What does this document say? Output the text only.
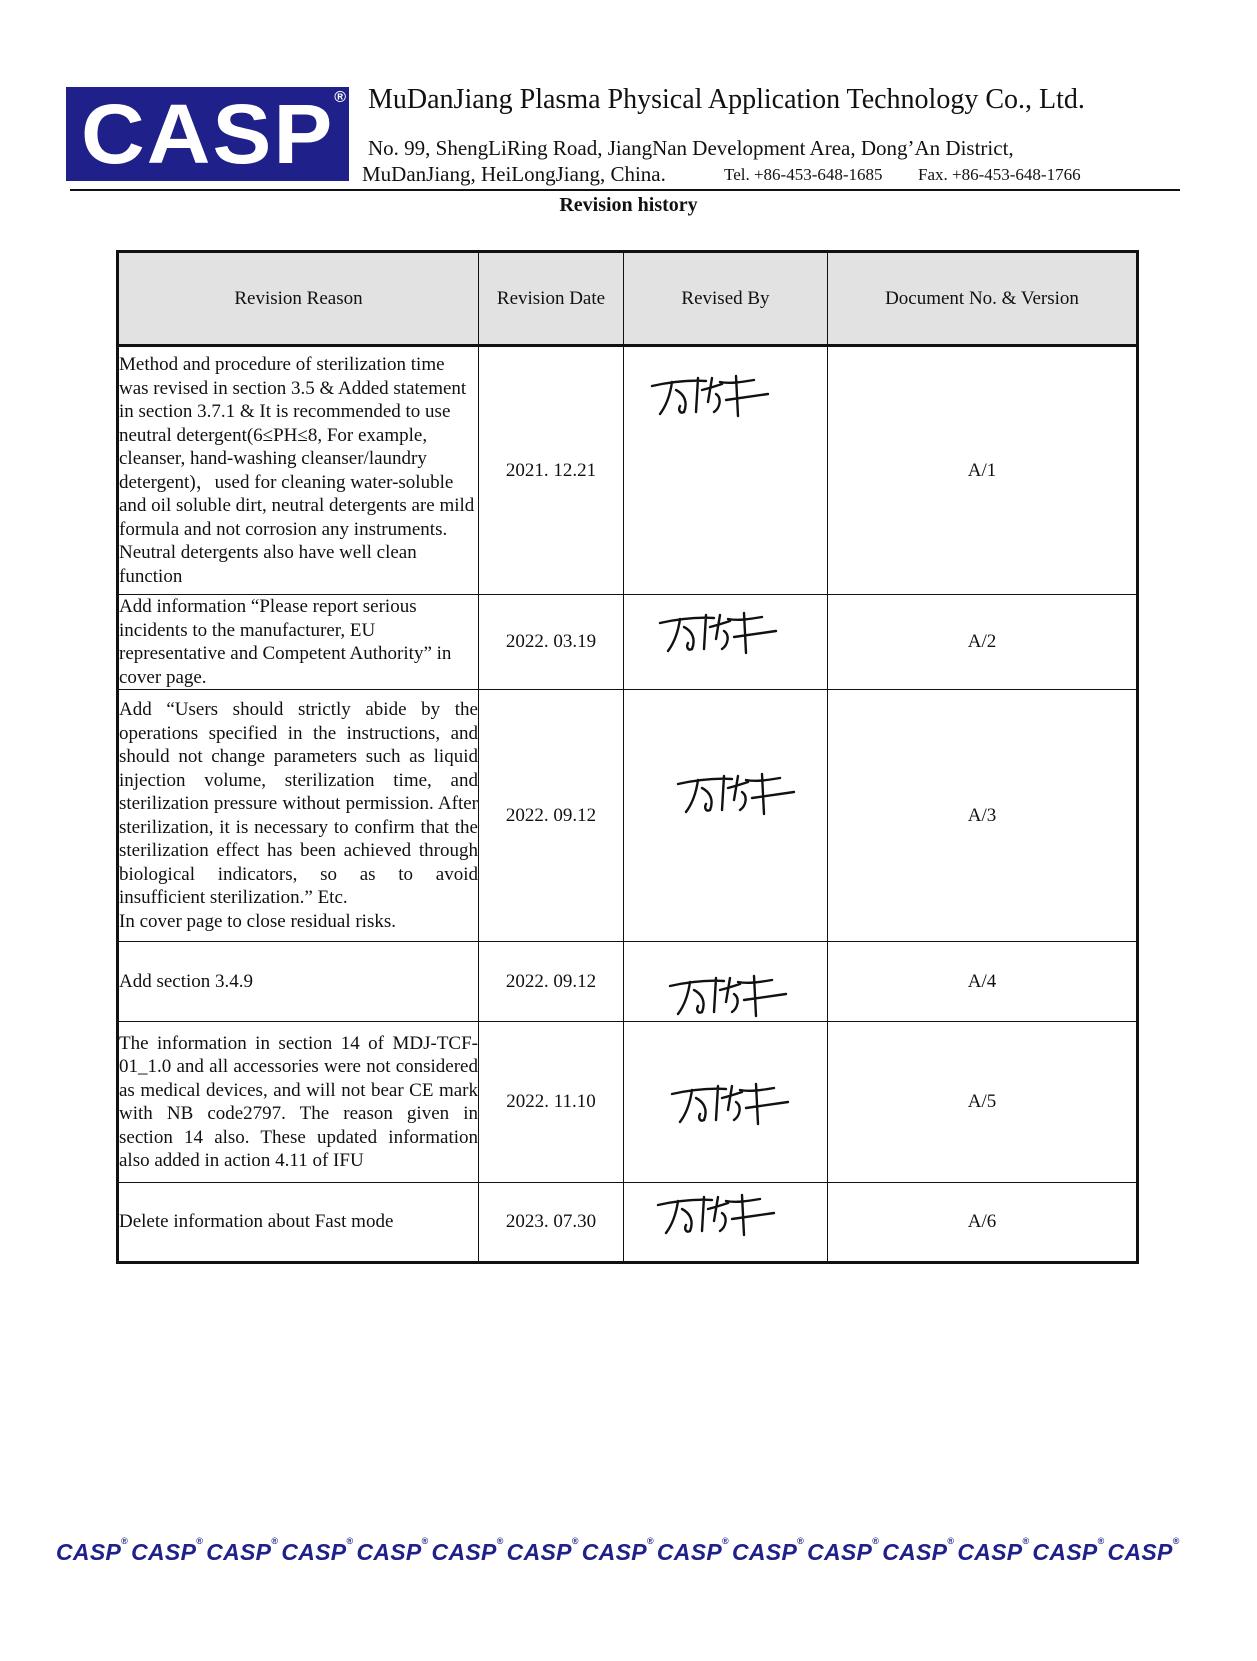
CASP ® MuDanJiang Plasma Physical Application Technology Co., Ltd.
No. 99, ShengLiRing Road, JiangNan Development Area, Dong’An District,
MuDanJiang, HeiLongJiang, China.	Tel. +86-453-648-1685 Fax. +86-453-648-1766
Revision history
Revision Reason	Revision Date	Revised By	Document No. & Version
Method and procedure of sterilization time was revised in section 3.5 & Added statement in section 3.7.1 & It is recommended to use neutral detergent(6≤PH≤8, For example, cleanser, hand-washing cleanser/laundry detergent)，used for cleaning water-soluble and oil soluble dirt, neutral detergents are mild formula and not corrosion any instruments. Neutral detergents also have well clean function	2021. 12.21		A/1
Add information “Please report serious incidents to the manufacturer, EU representative and Competent Authority” in cover page.	2022. 03.19		A/2
Add “Users should strictly abide by the operations specified in the instructions, and should not change parameters such as liquid injection volume, sterilization time, and sterilization pressure without permission. After sterilization, it is necessary to confirm that the sterilization effect has been achieved through biological indicators, so as to avoid insufficient sterilization.” Etc.
In cover page to close residual risks.	2022. 09.12		A/3
Add section 3.4.9	2022. 09.12		A/4
The information in section 14 of MDJ-TCF-01_1.0 and all accessories were not considered as medical devices, and will not bear CE mark with NB code2797. The reason given in section 14 also. These updated information also added in action 4.11 of IFU	2022. 11.10		A/5
Delete information about Fast mode	2023. 07.30		A/6
CASP ® CASP ® CASP ® CASP ® CASP ® CASP ® CASP ® CASP ® CASP ® CASP ® CASP ® CASP ® CASP ® CASP ® CASP ®
